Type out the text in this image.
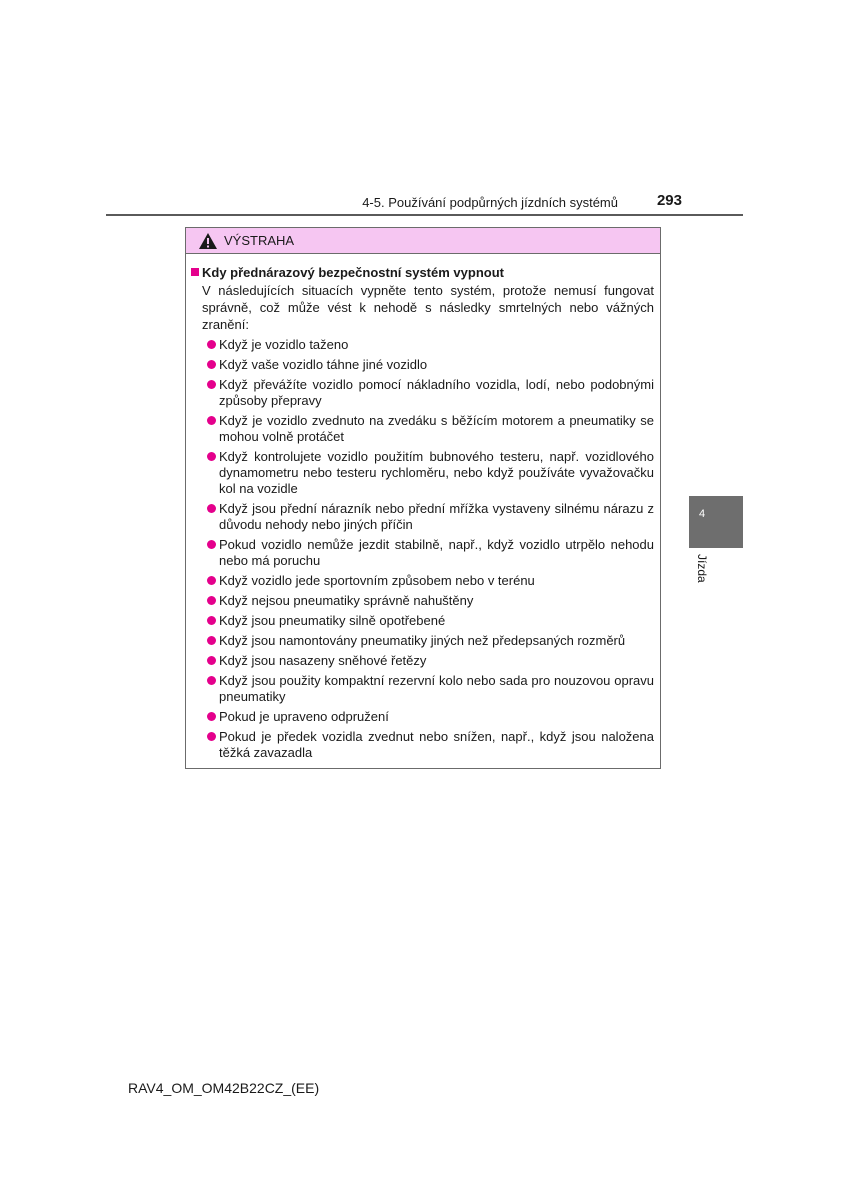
4-5. Používání podpůrných jízdních systémů	293
VÝSTRAHA
Kdy přednárazový bezpečnostní systém vypnout
V následujících situacích vypněte tento systém, protože nemusí fungovat správně, což může vést k nehodě s následky smrtelných nebo vážných zranění:
Když je vozidlo taženo
Když vaše vozidlo táhne jiné vozidlo
Když převážíte vozidlo pomocí nákladního vozidla, lodí, nebo podobnými způsoby přepravy
Když je vozidlo zvednuto na zvedáku s běžícím motorem a pneumatiky se mohou volně protáčet
Když kontrolujete vozidlo použitím bubnového testeru, např. vozidlového dynamometru nebo testeru rychloměru, nebo když používáte vyvažovačku kol na vozidle
Když jsou přední nárazník nebo přední mřížka vystaveny silnému nárazu z důvodu nehody nebo jiných příčin
Pokud vozidlo nemůže jezdit stabilně, např., když vozidlo utrpělo nehodu nebo má poruchu
Když vozidlo jede sportovním způsobem nebo v terénu
Když nejsou pneumatiky správně nahuštěny
Když jsou pneumatiky silně opotřebené
Když jsou namontovány pneumatiky jiných než předepsaných rozměrů
Když jsou nasazeny sněhové řetězy
Když jsou použity kompaktní rezervní kolo nebo sada pro nouzovou opravu pneumatiky
Pokud je upraveno odpružení
Pokud je předek vozidla zvednut nebo snížen, např., když jsou naložena těžká zavazadla
4
Jízda
RAV4_OM_OM42B22CZ_(EE)
